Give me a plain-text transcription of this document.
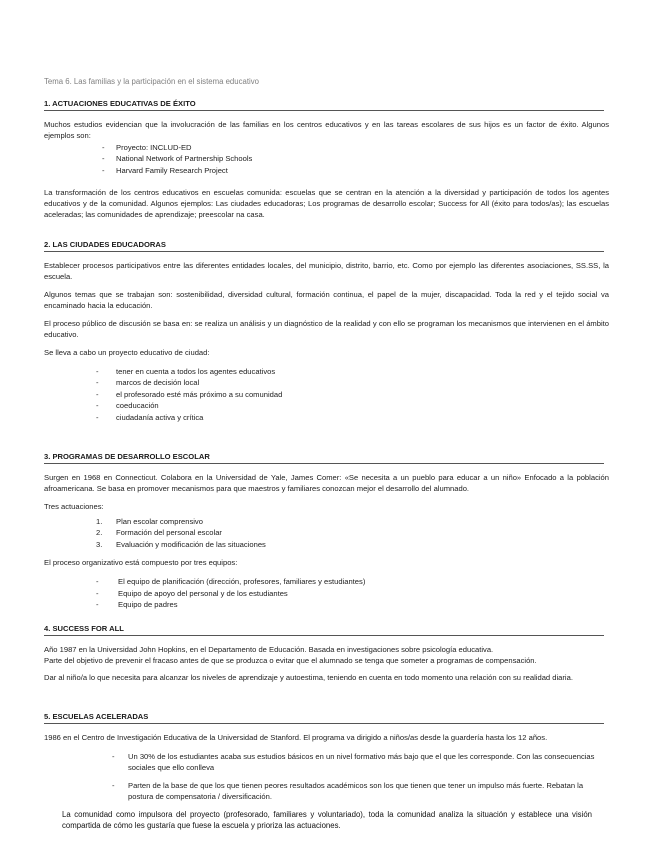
Tema 6. Las familias y la participación en el sistema educativo
1. ACTUACIONES EDUCATIVAS DE ÉXITO

Muchos estudios evidencian que la involucración de las familias en los centros educativos y en las tareas escolares de sus hijos es un factor de éxito. Algunos ejemplos son:

- Proyecto: INCLUD-ED
- National Network of Partnership Schools
- Harvard Family Research Project

La transformación de los centros educativos en escuelas comunida: escuelas que se centran en la atención a la diversidad y participación de todos los agentes educativos y de la comunidad. Algunos ejemplos: Las ciudades educadoras; Los programas de desarrollo escolar; Success for All (éxito para todos/as); las escuelas aceleradas; las comunidades de aprendizaje; preescolar na casa.

2. LAS CIUDADES EDUCADORAS

Establecer procesos participativos entre las diferentes entidades locales, del municipio, distrito, barrio, etc. Como por ejemplo las diferentes asociaciones, SS.SS, la escuela.

Algunos temas que se trabajan son: sostenibilidad, diversidad cultural, formación continua, el papel de la mujer, discapacidad. Toda la red y el tejido social va encaminado hacia la educación.

El proceso público de discusión se basa en: se realiza un análisis y un diagnóstico de la realidad y con ello se programan los mecanismos que intervienen en el ámbito educativo.

Se lleva a cabo un proyecto educativo de ciudad:

- tener en cuenta a todos los agentes educativos
- marcos de decisión local
- el profesorado esté más próximo a su comunidad
- coeducación
- ciudadanía activa y crítica
3. PROGRAMAS DE DESARROLLO ESCOLAR

Surgen en 1968 en Connecticut. Colabora en la Universidad de Yale, James Comer: «Se necesita a un pueblo para educar a un niño» Enfocado a la población afroamericana. Se basa en promover mecanismos para que maestros y familiares conozcan mejor el desarrollo del alumnado.

Tres actuaciones:

1. Plan escolar comprensivo
2. Formación del personal escolar
3. Evaluación y modificación de las situaciones

El proceso organizativo está compuesto por tres equipos:

-	El equipo de planificación (dirección, profesores, familiares y estudiantes)
-	Equipo de apoyo del personal y de los estudiantes
-	Equipo de padres
4. SUCCESS FOR ALL

Año 1987 en la Universidad John Hopkins, en el Departamento de Educación. Basada en investigaciones sobre psicología educativa.

Parte del objetivo de prevenir el fracaso antes de que se produzca o evitar que el alumnado se tenga que someter a programas de compensación.

Dar al niño/a lo que necesita para alcanzar los niveles de aprendizaje y autoestima, teniendo en cuenta en todo momento una relación con su realidad diaria.

5. ESCUELAS ACELERADAS

1986 en el Centro de Investigación Educativa de la Universidad de Stanford. El programa va dirigido a niños/as desde la guardería hasta los 12 años.

- Un 30% de los estudiantes acaba sus estudios básicos en un nivel formativo más bajo que el que les corresponde. Con las consecuencias sociales que ello conlleva
- Parten de la base de que los que tienen peores resultados académicos son los que tienen que tener un impulso más fuerte. Rebatan la postura de compensatoria / diversificación.

La comunidad como impulsora del proyecto (profesorado, familiares y voluntariado), toda la comunidad analiza la situación y establece una visión compartida de cómo les gustaría que fuese la escuela y prioriza las actuaciones.
